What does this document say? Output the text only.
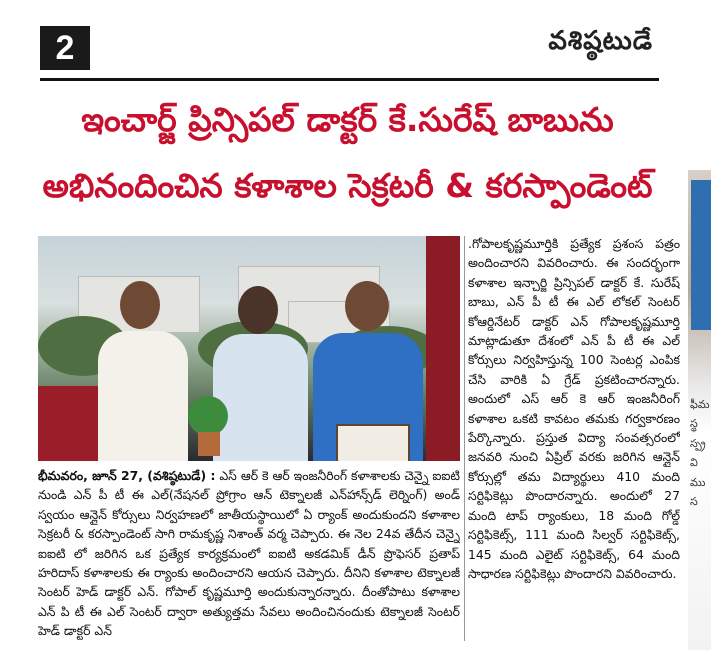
2	వశిష్ఠటుడే
ఇంచార్జ్ ప్రిన్సిపల్ డాక్టర్ కే.సురేష్ బాబును
అభినందించిన కళాశాల సెక్రటరీ & కరస్పాండెంట్
భీమవరం, జూన్ 27, (వశిష్ఠటుడే) : ఎస్ ఆర్ కె ఆర్ ఇంజనీరింగ్ కళాశాలకు చెన్నై ఐఐటి నుండి ఎన్ పీ టీ ఈ ఎల్(నేషనల్ ప్రోగ్రాం ఆన్ టెక్నాలజీ ఎన్‌హాన్స్‌డ్ లెర్నింగ్) అండ్ స్వయం ఆన్లైన్ కోర్సులు నిర్వహణలో జాతీయస్థాయిలో ఏ ర్యాంక్ అందుకుందని కళాశాల సెక్రటరీ & కరస్పాండెంట్ సాగి రామకృష్ణ నిశాంత్ వర్మ చెప్పారు. ఈ నెల 24వ తేదీన చెన్నై ఐఐటి లో జరిగిన ఒక ప్రత్యేక కార్యక్రమంలో ఐఐటి అకడమిక్ డీన్ ప్రొఫెసర్ ప్రతాప్ హరిదాస్ కళాశాలకు ఈ ర్యాంకు అందించారని ఆయన చెప్పారు. దీనిని కళాశాల టెక్నాలజీ సెంటర్ హెడ్ డాక్టర్ ఎన్. గోపాల్ కృష్ణమూర్తి అందుకున్నారన్నారు. దీంతోపాటు కళాశాల ఎన్ పి టీ ఈ ఎల్ సెంటర్ ద్వారా అత్యుత్తమ సేవలు అందించినందుకు టెక్నాలజీ సెంటర్ హెడ్ డాక్టర్ ఎన్
.గోపాలకృష్ణమూర్తికి ప్రత్యేక ప్రశంస పత్రం అందించారని వివరించారు. ఈ సందర్భంగా కళాశాల ఇన్చార్జి ప్రిన్సిపల్ డాక్టర్ కే. సురేష్ బాబు, ఎన్ పీ టీ ఈ ఎల్ లోకల్ సెంటర్ కోఆర్డినేటర్ డాక్టర్ ఎన్ గోపాలకృష్ణమూర్తి మాట్లాడుతూ దేశంలో ఎన్ పీ టీ ఈ ఎల్ కోర్సులు నిర్వహిస్తున్న 100 సెంటర్ల ఎంపిక చేసి వారికి ఏ గ్రేడ్ ప్రకటించారన్నారు. అందులో ఎస్ ఆర్ కె ఆర్ ఇంజనీరింగ్ కళాశాల ఒకటి కావటం తమకు గర్వకారణం పేర్కొన్నారు. ప్రస్తుత విద్యా సంవత్సరంలో జనవరి నుంచి ఏప్రిల్ వరకు జరిగిన ఆన్లైన్ కోర్సుల్లో తమ విద్యార్థులు 410 మంది సర్టిఫికెట్లు పొందారన్నారు. అందులో 27 మంది టాప్ ర్యాంకులు, 18 మంది గోల్డ్ సర్టిఫికెట్స్, 111 మంది సిల్వర్ సర్టిఫికెట్స్, 145 మంది ఎలైట్ సర్టిఫికెట్స్, 64 మంది సాధారణ సర్టిఫికెట్లు పొందారని వివరించారు.
ఫీమ స్థ స్ప్ర వి ము స
